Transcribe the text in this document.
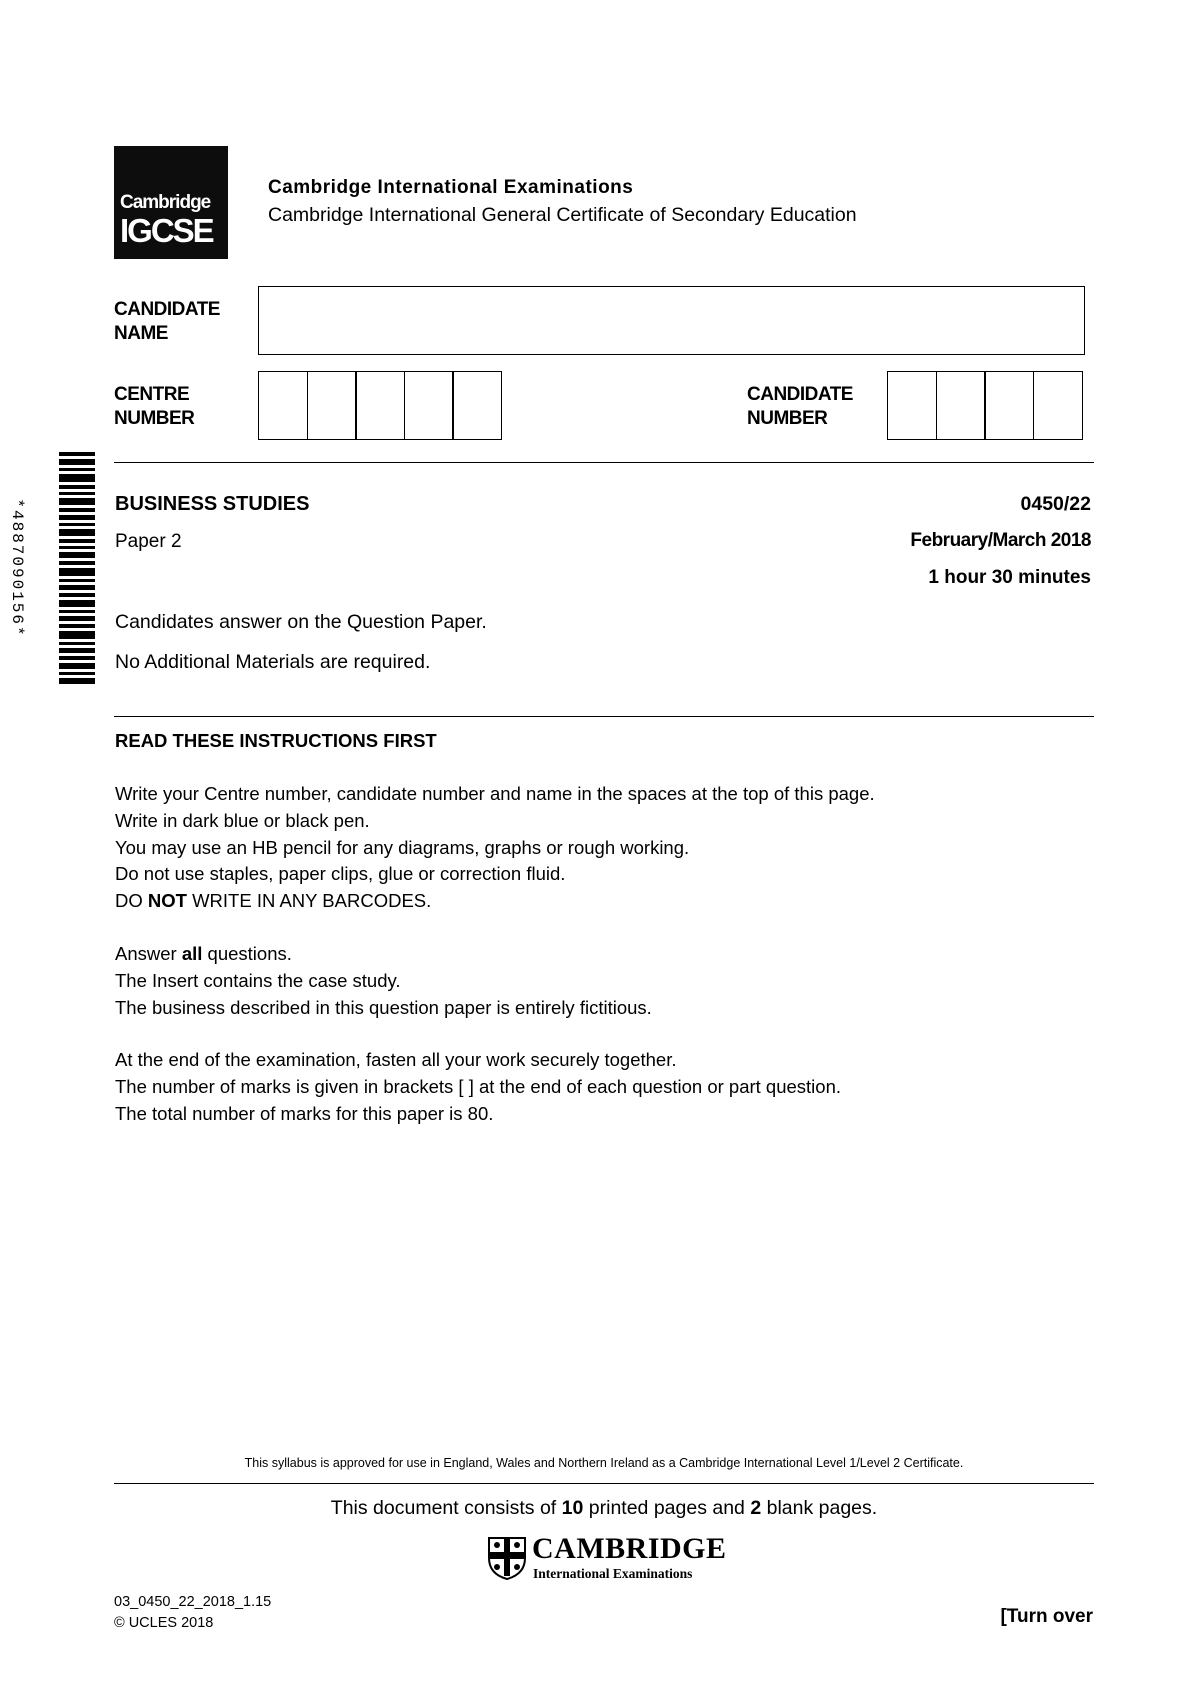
Cambridge
IGCSE
Cambridge International Examinations
Cambridge International General Certificate of Secondary Education
CANDIDATE
NAME
CENTRE
NUMBER
CANDIDATE
NUMBER
*4887090156*	BUSINESS STUDIES
Paper 2
0450/22
February/March 2018
1 hour 30 minutes
Candidates answer on the Question Paper.
No Additional Materials are required.
READ THESE INSTRUCTIONS FIRST

Write your Centre number, candidate number and name in the spaces at the top of this page.

Write in dark blue or black pen.

You may use an HB pencil for any diagrams, graphs or rough working.

Do not use staples, paper clips, glue or correction fluid.

DO NOT WRITE IN ANY BARCODES.

Answer all questions.

The Insert contains the case study.

The business described in this question paper is entirely fictitious.

At the end of the examination, fasten all your work securely together.

The number of marks is given in brackets [ ] at the end of each question or part question.

The total number of marks for this paper is 80.

This syllabus is approved for use in England, Wales and Northern Ireland as a Cambridge International Level 1/Level 2 Certificate.
This document consists of 10 printed pages and 2 blank pages.
CAMBRIDGE
International Examinations
03_0450_22_2018_1.15
© UCLES 2018	[Turn over
